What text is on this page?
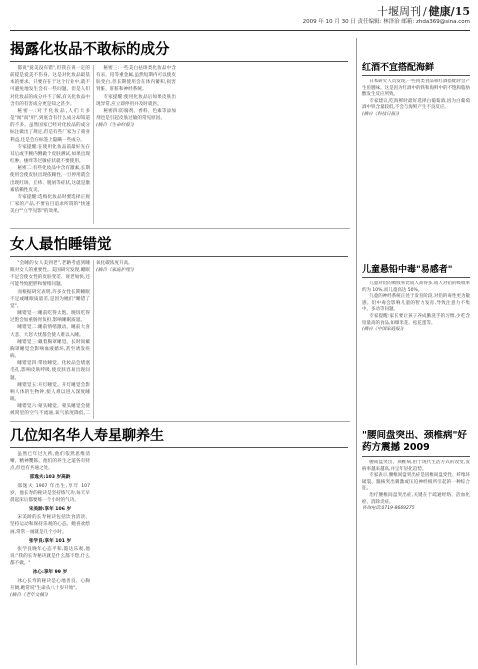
十堰周刊 / 健康/15
2009 年 10 月 30 日 责任编辑: 林泽治 邮箱: zhda369@sina.com
揭露化妆品不敢标的成分

都说"爱美没有错",但我在说一定的前提是爱美不伤身。这是对化妆品最基本的要求。只要存在于这个行业中,就不可避免地发生会有一些问题。但是人们对化妆品的成分并不了解,有关化妆品中含有的有害成分更是知之甚少。

秘密一:对于化妆品,人们大多是"闻"而"用",到底含有什么成分却知道的不多。虽然国家已经对化妆品的成分标注做出了规定,但是有些厂家为了商业利益,还是会在标签上隐瞒一些成分。

专家提醒:在使用化妆品前最好先在耳后或手腕内侧做个皮肤测试,如果出现红肿、瘙痒等过敏症状就不要使用。

秘密二:有些化妆品中含有激素,长期使用会使皮肤出现依赖性,一旦停用就会出现红斑、丘疹、脱屑等症状,这就是激素依赖性皮炎。

专家提醒:选购化妆品时要选择正规厂家的产品,不要盲目追求所谓的"快速美白""立竿见影"的效果。

秘密三:一些美白祛斑类化妆品中含有汞、铅等重金属,虽然短期内可以使皮肤变白,但长期使用会在体内蓄积,损害肾脏、肝脏和神经系统。

专家提醒:使用化妆品后如果皮肤出现异常,应立即停用并及时就医。

秘密四:防腐剂、香料、色素等添加剂也是引起皮肤过敏的常见原因。

(摘自《生命时报》)

女人最怕睡错觉

"会睡的女人美到老",老聃考虑到睡眠对女人的重要性。美国研究发现,睡眠不足会使女性的皮肤变差、衰老加快,还可能导致肥胖和情绪问题。

而根据研究表明,许多女性长期睡眠不足或睡眠质量差,是因为她们"睡错了觉"。

睡错觉一:睡前吃得太饱。晚饭吃得过饱会加重肠胃负担,影响睡眠质量。

睡错觉二:睡前情绪激动。睡前大喜大悲、大怒大忧都会使人难以入睡。

睡错觉三:戴着胸罩睡觉。长时间戴胸罩睡觉会影响血液循环,甚至诱发疾病。

睡错觉四:带妆睡觉。化妆品会堵塞毛孔,影响皮肤呼吸,使皮肤容易出现问题。

睡错觉五:开灯睡觉。开灯睡觉会影响人体的生物钟,使人难以进入深度睡眠。

睡错觉六:蒙头睡觉。蒙头睡觉会使被窝里的空气不流通,氧气浓度降低,二氧化碳浓度升高。

(摘自《家庭护理》)

几位知名华人寿星聊养生

虽然已年过九秩,他们依然思维清晰、精神矍铄。他们的养生之道各有特点,但也有共通之处。

邵逸夫:103 岁高龄

邵逸夫 1907 年出生,享年 107 岁。他长寿的秘诀是坚持练气功,每天早晨起床后都要练一个小时的气功。

宋美龄:享年 106 岁

宋美龄的长寿秘诀包括饮食清淡、坚持运动和保持乐观的心态。她喜欢绘画,常常一画就是几个小时。

张学良:享年 101 岁

张学良晚年心态平和,豁达乐观,他说:"我的长寿秘诀就是什么都不想,什么都不做。"

冰心:享年 99 岁

冰心长寿的秘诀是心地善良、心胸开阔,她常说"生命从八十岁开始"。

(摘自《老年文摘》)

红酒不宜搭配海鲜

日本研究人员发现,一些肉类食品和红酒搭配时会产生鱼腥味。这是因为红酒中的铁和海鲜中的不饱和脂肪酸发生反应所致。

专家建议,吃海鲜时最好选择白葡萄酒,因为白葡萄酒中铁含量较低,不会与海鲜产生不良反应。

(摘自《科技日报》)

儿童悬铅中毒"易感者"

儿童对铅的吸收率比成人高得多,成人对铅的吸收率约为 10%,而儿童高达 50%。

儿童的神经系统正处于发育阶段,对铅的毒性更为敏感。铅中毒会影响儿童的智力发育,导致注意力不集中、多动等问题。

专家提醒:家长要让孩子养成勤洗手的习惯,少吃含铅量高的食品,如爆米花、松花蛋等。

(摘自《中国家庭报》)

"腰间盘突出、颈椎病"好药方震撼 2009

腰间盘突出、颈椎病,由于现代生活方式的改变,发病率越来越高,并呈年轻化趋势。

专家表示,腰椎间盘突出症是因椎间盘变性、纤维环破裂、髓核突出刺激或压迫神经根所引起的一种综合征。

治疗腰椎间盘突出症,关键在于疏通经络、活血化瘀、消除炎症。

咨询电话:0719-8669275
